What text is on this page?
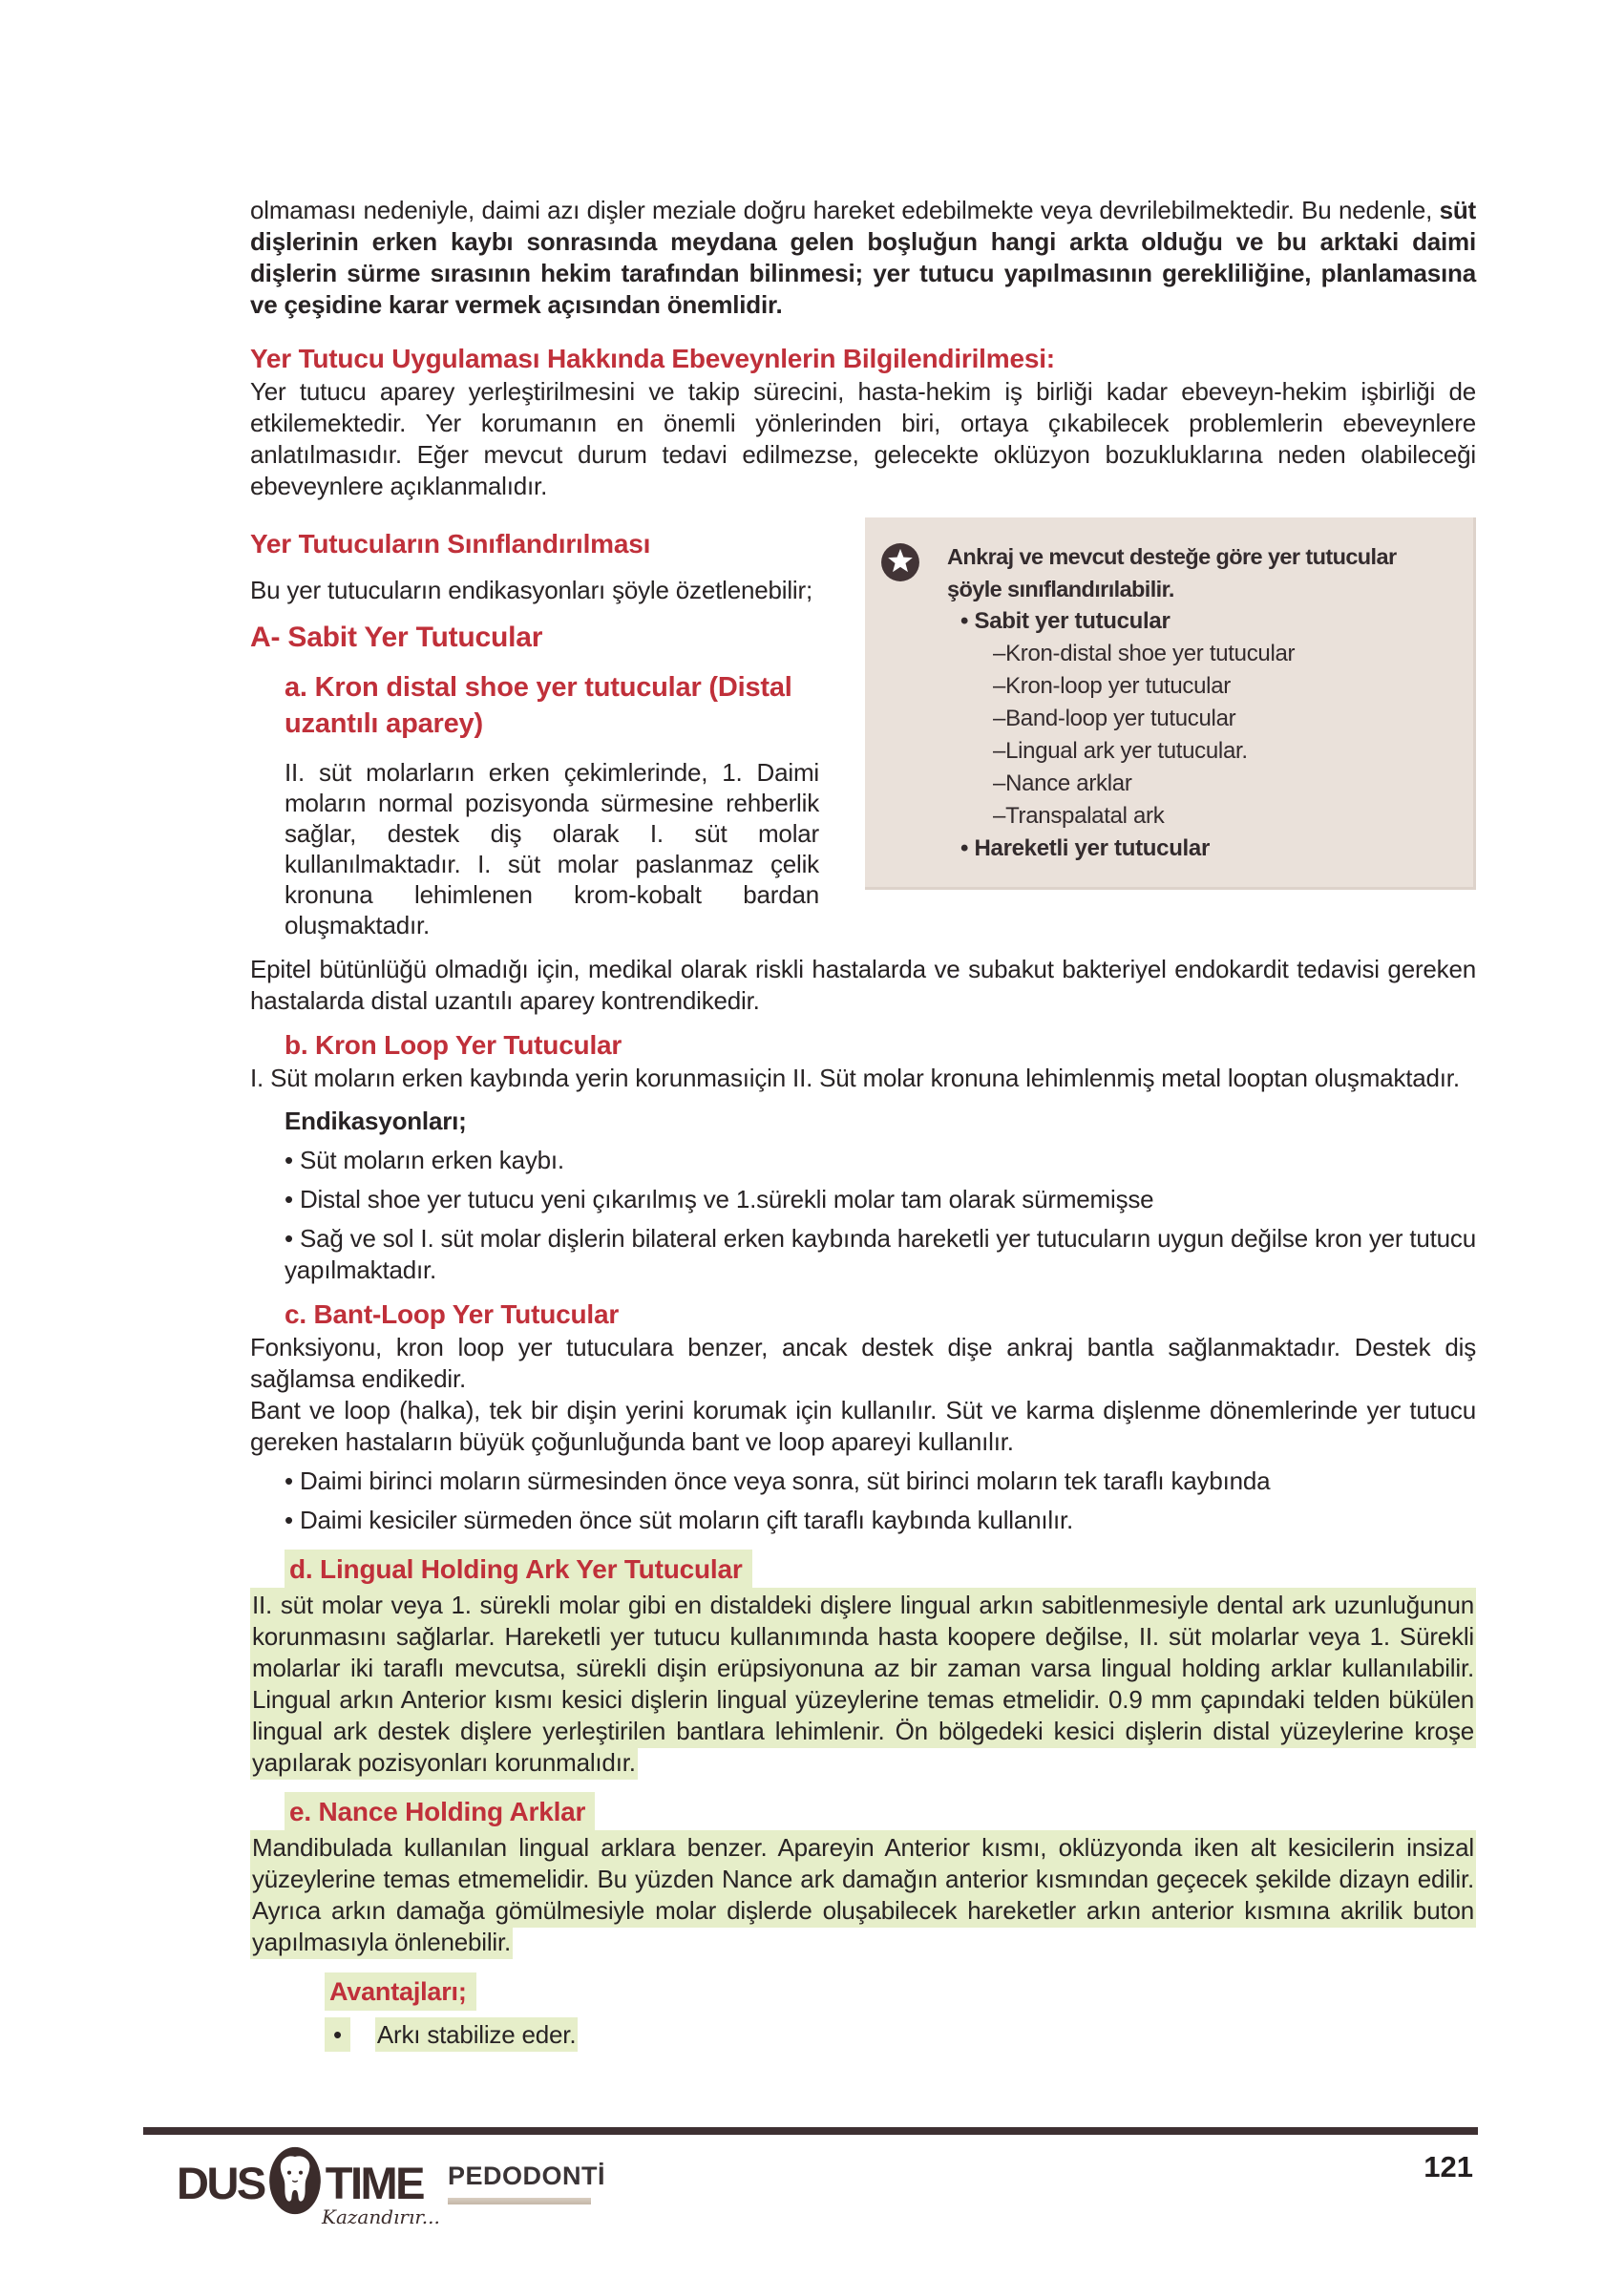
olmaması nedeniyle, daimi azı dişler meziale doğru hareket edebilmekte veya devrilebilmektedir. Bu nedenle, süt dişlerinin erken kaybı sonrasında meydana gelen boşluğun hangi arkta olduğu ve bu arktaki daimi dişlerin sürme sırasının hekim tarafından bilinmesi; yer tutucu yapılmasının gerekliliğine, planlamasına ve çeşidine karar vermek açısından önemlidir.

Yer Tutucu Uygulaması Hakkında Ebeveynlerin Bilgilendirilmesi:

Yer tutucu aparey yerleştirilmesini ve takip sürecini, hasta-hekim iş birliği kadar ebeveyn-hekim işbirliği de etkilemektedir. Yer korumanın en önemli yönlerinden biri, ortaya çıkabilecek problemlerin ebeveynlere anlatılmasıdır. Eğer mevcut durum tedavi edilmezse, gelecekte oklüzyon bozukluklarına neden olabileceği ebeveynlere açıklanmalıdır.

Yer Tutucuların Sınıflandırılması

Bu yer tutucuların endikasyonları şöyle özetlenebilir;

A- Sabit Yer Tutucular
a. Kron distal shoe yer tutucular (Distal uzantılı aparey)

II. süt molarların erken çekimlerinde, 1. Daimi moların normal pozisyonda sürmesine rehberlik sağlar, destek diş olarak I. süt molar kullanılmaktadır. I. süt molar paslanmaz çelik kronuna lehimlenen krom-kobalt bardan oluşmaktadır.

Ankraj ve mevcut desteğe göre yer tutucular şöyle sınıflandırılabilir.
• Sabit yer tutucular
– Kron-distal shoe yer tutucular
– Kron-loop yer tutucular
– Band-loop yer tutucular
– Lingual ark yer tutucular.
– Nance arklar
– Transpalatal ark
• Hareketli yer tutucular

Epitel bütünlüğü olmadığı için, medikal olarak riskli hastalarda ve subakut bakteriyel endokardit tedavisi gereken hastalarda distal uzantılı aparey kontrendikedir.

b. Kron Loop Yer Tutucular

I. Süt moların erken kaybında yerin korunmasıiçin II. Süt molar kronuna lehimlenmiş metal looptan oluşmaktadır.

Endikasyonları;
• Süt moların erken kaybı.
• Distal shoe yer tutucu yeni çıkarılmış ve 1.sürekli molar tam olarak sürmemişse
• Sağ ve sol I. süt molar dişlerin bilateral erken kaybında hareketli yer tutucuların uygun değilse kron yer tutucu yapılmaktadır.
c. Bant-Loop Yer Tutucular

Fonksiyonu, kron loop yer tutuculara benzer, ancak destek dişe ankraj bantla sağlanmaktadır. Destek diş sağlamsa endikedir.

Bant ve loop (halka), tek bir dişin yerini korumak için kullanılır. Süt ve karma dişlenme dönemlerinde yer tutucu gereken hastaların büyük çoğunluğunda bant ve loop apareyi kullanılır.

• Daimi birinci moların sürmesinden önce veya sonra, süt birinci moların tek taraflı kaybında
• Daimi kesiciler sürmeden önce süt moların çift taraflı kaybında kullanılır.
d. Lingual Holding Ark Yer Tutucular

II. süt molar veya 1. sürekli molar gibi en distaldeki dişlere lingual arkın sabitlenmesiyle dental ark uzunluğunun korunmasını sağlarlar. Hareketli yer tutucu kullanımında hasta koopere değilse, II. süt molarlar veya 1. Sürekli molarlar iki taraflı mevcutsa, sürekli dişin erüpsiyonuna az bir zaman varsa lingual holding arklar kullanılabilir. Lingual arkın Anterior kısmı kesici dişlerin lingual yüzeylerine temas etmelidir. 0.9 mm çapındaki telden bükülen lingual ark destek dişlere yerleştirilen bantlara lehimlenir. Ön bölgedeki kesici dişlerin distal yüzeylerine kroşe yapılarak pozisyonları korunmalıdır.

e. Nance Holding Arklar

Mandibulada kullanılan lingual arklara benzer. Apareyin Anterior kısmı, oklüzyonda iken alt kesicilerin insizal yüzeylerine temas etmemelidir. Bu yüzden Nance ark damağın anterior kısmından geçecek şekilde dizayn edilir. Ayrıca arkın damağa gömülmesiyle molar dişlerde oluşabilecek hareketler arkın anterior kısmına akrilik buton yapılmasıyla önlenebilir.

Avantajları;
• Arkı stabilize eder.
DUS TIME
Kazandırır...
PEDODONTİ	121
